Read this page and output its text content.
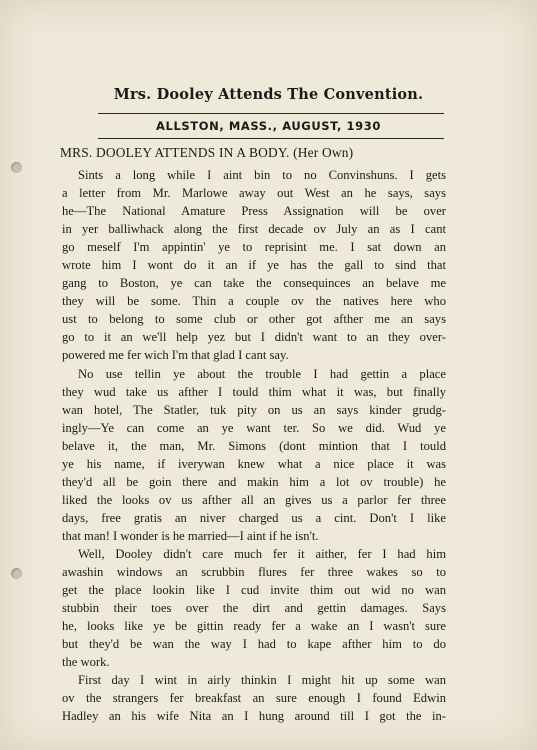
Mrs. Dooley Attends The Convention.
ALLSTON, MASS., AUGUST, 1930
MRS. DOOLEY ATTENDS IN A BODY. (Her Own)
Sints a long while I aint bin to no Convinshuns. I gets
a letter from Mr. Marlowe away out West an he says, says
he—The National Amature Press Assignation will be over
in yer balliwhack along the first decade ov July an as I cant
go meself I'm appintin' ye to reprisint me. I sat down an
wrote him I wont do it an if ye has the gall to sind that
gang to Boston, ye can take the consequinces an belave me
they will be some. Thin a couple ov the natives here who
ust to belong to some club or other got afther me an says
go to it an we'll help yez but I didn't want to an they over-
powered me fer wich I'm that glad I cant say.
No use tellin ye about the trouble I had gettin a place
they wud take us afther I tould thim what it was, but finally
wan hotel, The Statler, tuk pity on us an says kinder grudg-
ingly—Ye can come an ye want ter. So we did. Wud ye
belave it, the man, Mr. Simons (dont mintion that I tould
ye his name, if iverywan knew what a nice place it was
they'd all be goin there and makin him a lot ov trouble) he
liked the looks ov us afther all an gives us a parlor fer three
days, free gratis an niver charged us a cint. Don't I like
that man! I wonder is he married—I aint if he isn't.
Well, Dooley didn't care much fer it aither, fer I had him
awashin windows an scrubbin flures fer three wakes so to
get the place lookin like I cud invite thim out wid no wan
stubbin their toes over the dirt and gettin damages. Says
he, looks like ye be gittin ready fer a wake an I wasn't sure
but they'd be wan the way I had to kape afther him to do
the work.
First day I wint in airly thinkin I might hit up some wan
ov the strangers fer breakfast an sure enough I found Edwin
Hadley an his wife Nita an I hung around till I got the in-
